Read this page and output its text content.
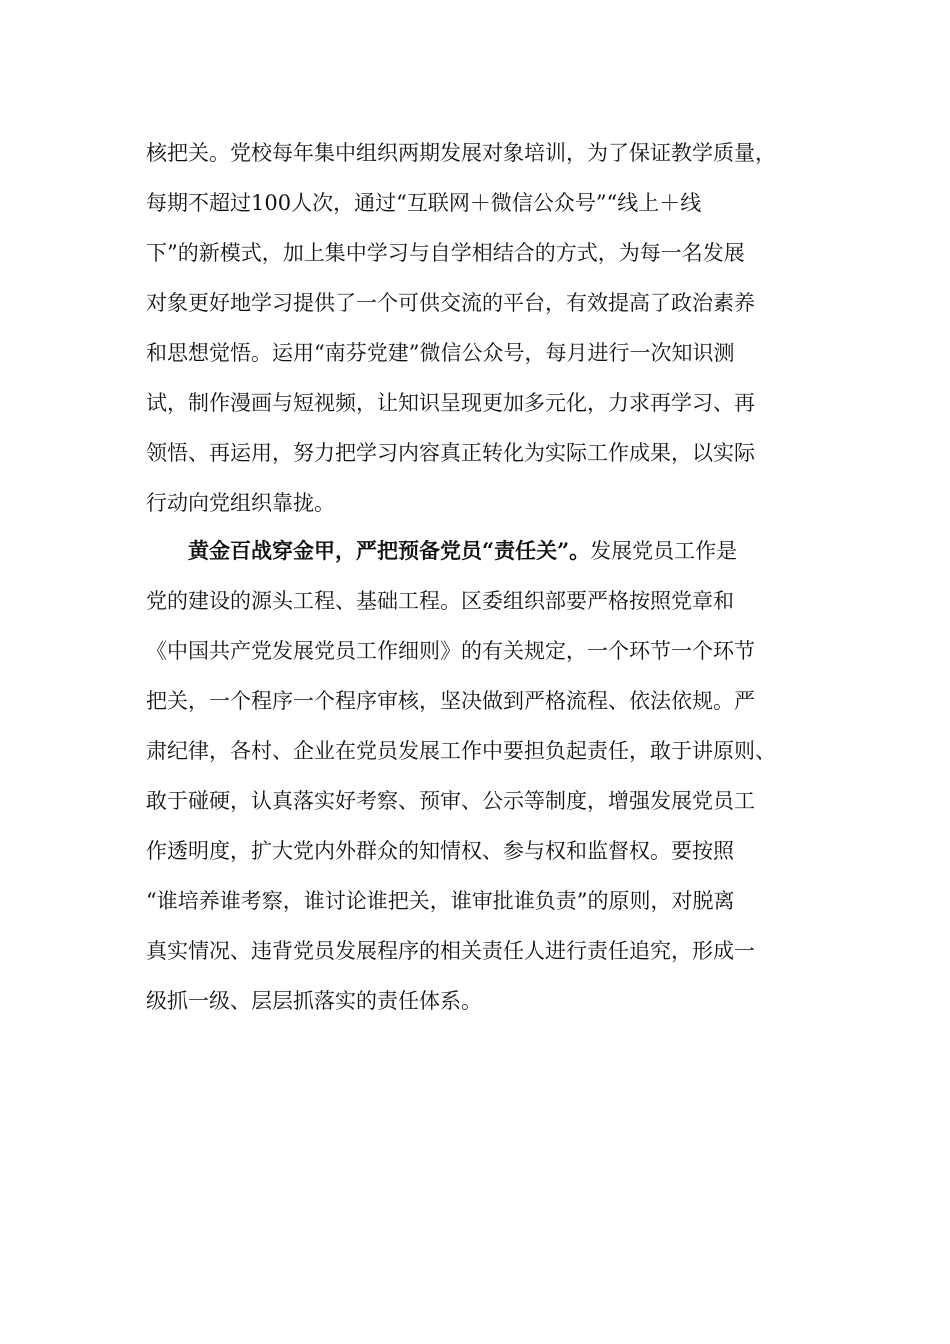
核把关。党校每年集中组织两期发展对象培训，为了保证教学质量，
每期不超过100人次，通过“互联网＋微信公众号”“线上＋线
下”的新模式，加上集中学习与自学相结合的方式，为每一名发展
对象更好地学习提供了一个可供交流的平台，有效提高了政治素养
和思想觉悟。运用“南芬党建”微信公众号，每月进行一次知识测
试，制作漫画与短视频，让知识呈现更加多元化，力求再学习、再
领悟、再运用，努力把学习内容真正转化为实际工作成果，以实际
行动向党组织靠拢。
　　黄金百战穿金甲，严把预备党员“责任关”。发展党员工作是
党的建设的源头工程、基础工程。区委组织部要严格按照党章和
《中国共产党发展党员工作细则》的有关规定，一个环节一个环节
把关，一个程序一个程序审核，坚决做到严格流程、依法依规。严
肃纪律，各村、企业在党员发展工作中要担负起责任，敢于讲原则、
敢于碰硬，认真落实好考察、预审、公示等制度，增强发展党员工
作透明度，扩大党内外群众的知情权、参与权和监督权。要按照
“谁培养谁考察，谁讨论谁把关，谁审批谁负责”的原则，对脱离
真实情况、违背党员发展程序的相关责任人进行责任追究，形成一
级抓一级、层层抓落实的责任体系。
